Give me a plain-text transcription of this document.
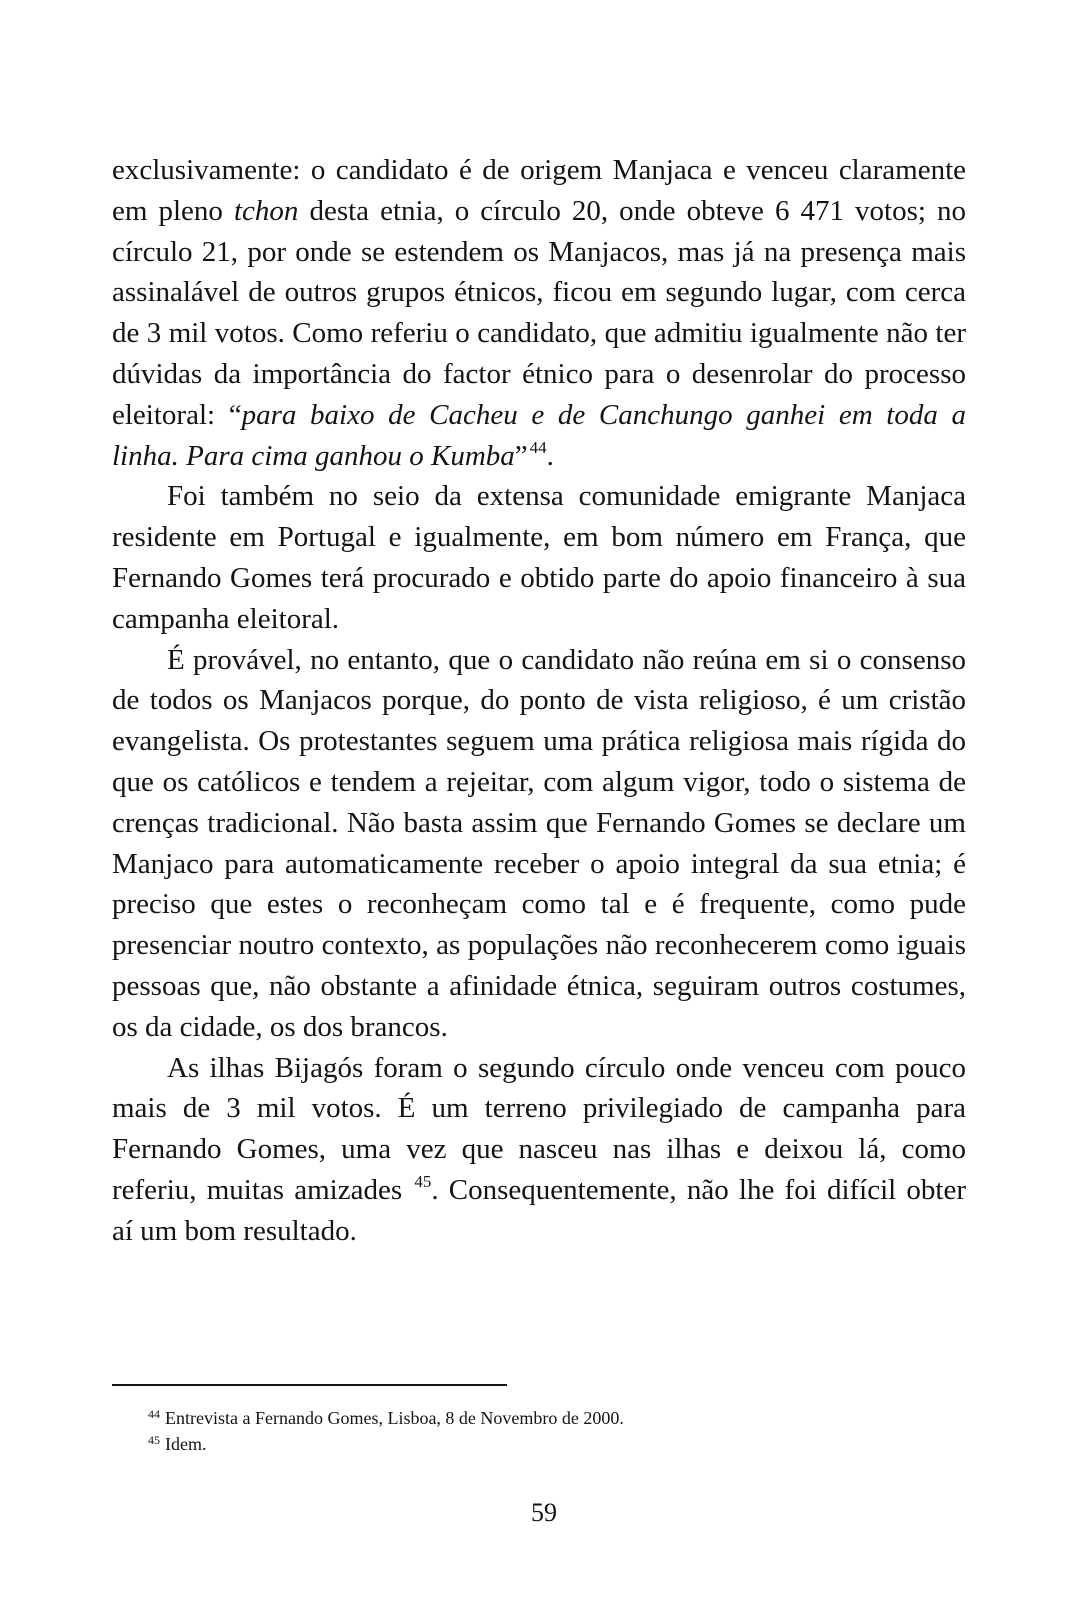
exclusivamente: o candidato é de origem Manjaca e venceu claramente em pleno tchon desta etnia, o círculo 20, onde obteve 6 471 votos; no círculo 21, por onde se estendem os Manjacos, mas já na presença mais assinalável de outros grupos étnicos, ficou em segundo lugar, com cerca de 3 mil votos. Como referiu o candidato, que admitiu igualmente não ter dúvidas da importância do factor étnico para o desenrolar do processo eleitoral: “para baixo de Cacheu e de Canchungo ganhei em toda a linha. Para cima ganhou o Kumba” $^{44}$.

Foi também no seio da extensa comunidade emigrante Manjaca residente em Portugal e igualmente, em bom número em França, que Fernando Gomes terá procurado e obtido parte do apoio financeiro à sua campanha eleitoral.

É provável, no entanto, que o candidato não reúna em si o consenso de todos os Manjacos porque, do ponto de vista religioso, é um cristão evangelista. Os protestantes seguem uma prática religiosa mais rígida do que os católicos e tendem a rejeitar, com algum vigor, todo o sistema de crenças tradicional. Não basta assim que Fernando Gomes se declare um Manjaco para automaticamente receber o apoio integral da sua etnia; é preciso que estes o reconheçam como tal e é frequente, como pude presenciar noutro contexto, as populações não reconhecerem como iguais pessoas que, não obstante a afinidade étnica, seguiram outros costumes, os da cidade, os dos brancos.

As ilhas Bijagós foram o segundo círculo onde venceu com pouco mais de 3 mil votos. É um terreno privilegiado de campanha para Fernando Gomes, uma vez que nasceu nas ilhas e deixou lá, como referiu, muitas amizades $^{45}$. Consequentemente, não lhe foi difícil obter aí um bom resultado.

$^{44}$ Entrevista a Fernando Gomes, Lisboa, 8 de Novembro de 2000.
$^{45}$ Idem.
59
